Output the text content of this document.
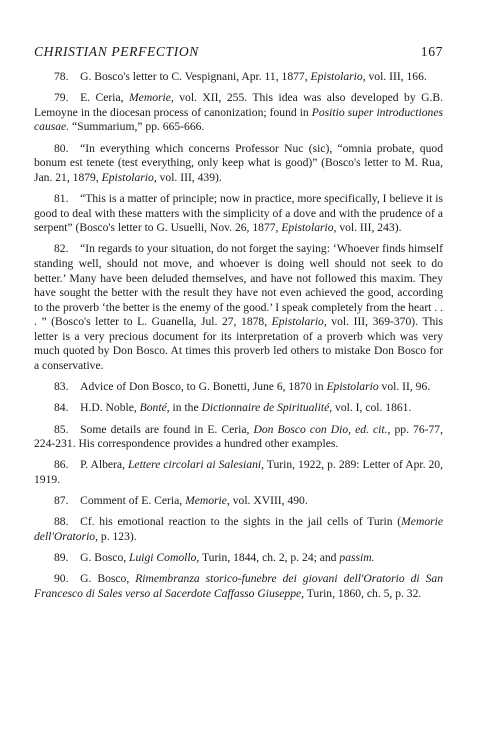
CHRISTIAN PERFECTION	167

78.  G. Bosco's letter to C. Vespignani, Apr. 11, 1877, Epistolario, vol. III, 166.

79.  E. Ceria, Memorie, vol. XII, 255. This idea was also developed by G.B. Lemoyne in the diocesan process of canonization; found in Positio super introductiones causae. “Summarium,” pp. 665-666.

80.  “In everything which concerns Professor Nuc (sic), “omnia probate, quod bonum est tenete (test everything, only keep what is good)” (Bosco's letter to M. Rua, Jan. 21, 1879, Epistolario, vol. III, 439).

81.  “This is a matter of principle; now in practice, more specifically, I believe it is good to deal with these matters with the simplicity of a dove and with the prudence of a serpent” (Bosco's letter to G. Usuelli, Nov. 26, 1877, Epistolario, vol. III, 243).

82.  “In regards to your situation, do not forget the saying: ‘Whoever finds himself standing well, should not move, and whoever is doing well should not seek to do better.’ Many have been deluded themselves, and have not followed this maxim. They have sought the better with the result they have not even achieved the good, according to the proverb ‘the better is the enemy of the good.’ I speak completely from the heart . . . ” (Bosco's letter to L. Guanella, Jul. 27, 1878, Epistolario, vol. III, 369-370). This letter is a very precious document for its interpretation of a proverb which was very much quoted by Don Bosco. At times this proverb led others to mistake Don Bosco for a conservative.

83.  Advice of Don Bosco, to G. Bonetti, June 6, 1870 in Epistolario vol. II, 96.

84.  H.D. Noble, Bonté, in the Dictionnaire de Spiritualité, vol. I, col. 1861.

85.  Some details are found in E. Ceria, Don Bosco con Dio, ed. cit., pp. 76-77, 224-231. His correspondence provides a hundred other examples.

86.  P. Albera, Lettere circolari ai Salesiani, Turin, 1922, p. 289: Letter of Apr. 20, 1919.

87.  Comment of E. Ceria, Memorie, vol. XVIII, 490.

88.  Cf. his emotional reaction to the sights in the jail cells of Turin (Memorie dell'Oratorio, p. 123).

89.  G. Bosco, Luigi Comollo, Turin, 1844, ch. 2, p. 24; and passim.

90.  G. Bosco, Rimembranza storico-funebre dei giovani dell'Oratorio di San Francesco di Sales verso al Sacerdote Caffasso Giuseppe, Turin, 1860, ch. 5, p. 32.
